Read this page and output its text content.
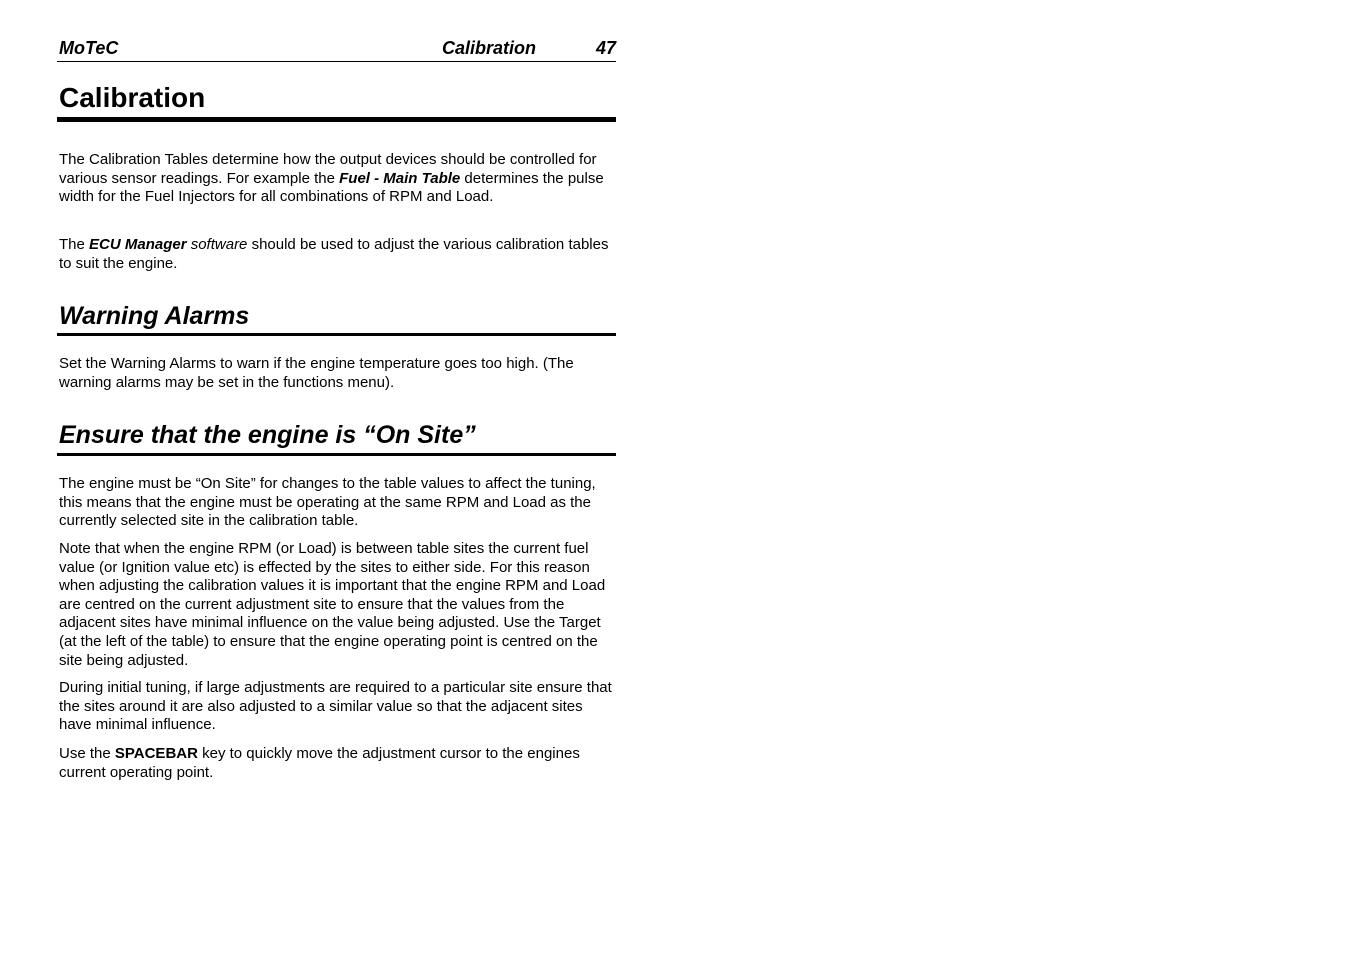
MoTeC	Calibration	47
Calibration

The Calibration Tables determine how the output devices should be controlled for various sensor readings. For example the Fuel - Main Table determines the pulse width for the Fuel Injectors for all combinations of RPM and Load.

The ECU Manager software should be used to adjust the various calibration tables to suit the engine.

Warning Alarms

Set the Warning Alarms to warn if the engine temperature goes too high. (The warning alarms may be set in the functions menu).

Ensure that the engine is “On Site”

The engine must be “On Site” for changes to the table values to affect the tuning, this means that the engine must be operating at the same RPM and Load as the currently selected site in the calibration table.

Note that when the engine RPM (or Load) is between table sites the current fuel value (or Ignition value etc) is effected by the sites to either side. For this reason when adjusting the calibration values it is important that the engine RPM and Load are centred on the current adjustment site to ensure that the values from the adjacent sites have minimal influence on the value being adjusted. Use the Target (at the left of the table) to ensure that the engine operating point is centred on the site being adjusted.

During initial tuning, if large adjustments are required to a particular site ensure that the sites around it are also adjusted to a similar value so that the adjacent sites have minimal influence.

Use the SPACEBAR key to quickly move the adjustment cursor to the engines current operating point.
